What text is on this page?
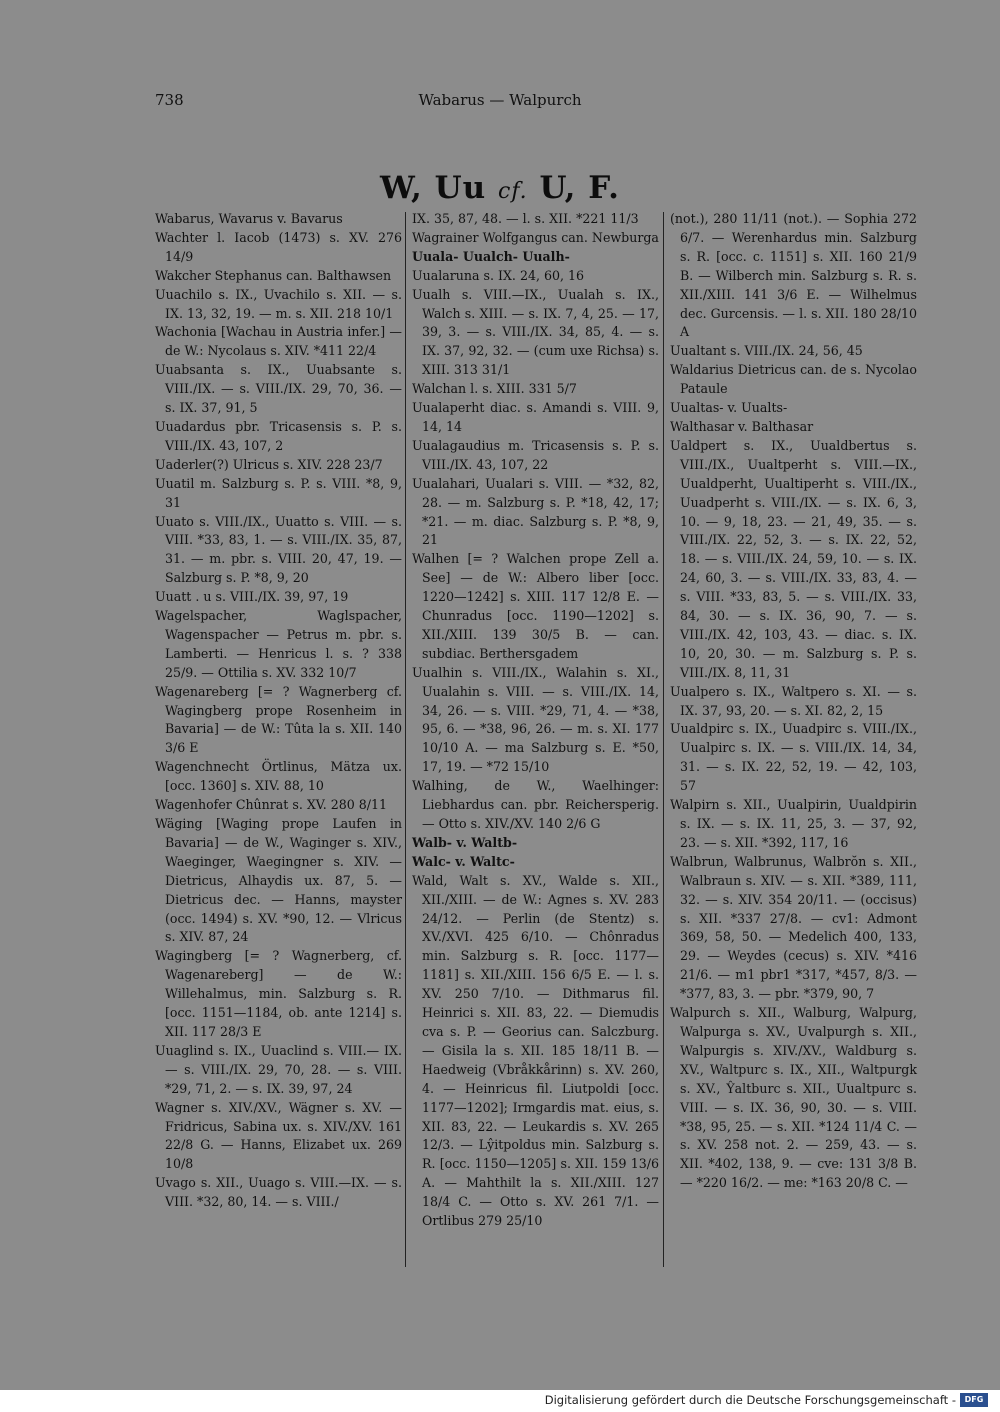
738	Wabarus — Walpurch
W, Uu cf. U, F.

Wabarus, Wavarus v. Bavarus

Wachter l. Iacob (1473) s. XV. 276 14/9

Wakcher Stephanus can. Balthawsen

Uuachilo s. IX., Uvachilo s. XII. — s. IX. 13, 32, 19. — m. s. XII. 218 10/1

Wachonia [Wachau in Austria infer.] — de W.: Nycolaus s. XIV. *411 22/4

Uuabsanta s. IX., Uuabsante s. VIII./IX. — s. VIII./IX. 29, 70, 36. — s. IX. 37, 91, 5

Uuadardus pbr. Tricasensis s. P. s. VIII./IX. 43, 107, 2

Uaderler(?) Ulricus s. XIV. 228 23/7

Uuatil m. Salzburg s. P. s. VIII. *8, 9, 31

Uuato s. VIII./IX., Uuatto s. VIII. — s. VIII. *33, 83, 1. — s. VIII./IX. 35, 87, 31. — m. pbr. s. VIII. 20, 47, 19. — Salzburg s. P. *8, 9, 20

Uuatt . u s. VIII./IX. 39, 97, 19

Wagelspacher, Waglspacher, Wagenspacher — Petrus m. pbr. s. Lamberti. — Henricus l. s. ? 338 25/9. — Ottilia s. XV. 332 10/7

Wagenareberg [= ? Wagnerberg cf. Wagingberg prope Rosenheim in Bavaria] — de W.: Tûta la s. XII. 140 3/6 E

Wagenchnecht Örtlinus, Mätza ux. [occ. 1360] s. XIV. 88, 10

Wagenhofer Chûnrat s. XV. 280 8/11

Wäging [Waging prope Laufen in Bavaria] — de W., Waginger s. XIV., Waeginger, Waegingner s. XIV. — Dietricus, Alhaydis ux. 87, 5. — Dietricus dec. — Hanns, mayster (occ. 1494) s. XV. *90, 12. — Vlricus s. XIV. 87, 24

Wagingberg [= ? Wagnerberg, cf. Wagenareberg] — de W.: Willehalmus, min. Salzburg s. R. [occ. 1151—1184, ob. ante 1214] s. XII. 117 28/3 E

Uuaglind s. IX., Uuaclind s. VIII.— IX. — s. VIII./IX. 29, 70, 28. — s. VIII. *29, 71, 2. — s. IX. 39, 97, 24

Wagner s. XIV./XV., Wägner s. XV. — Fridricus, Sabina ux. s. XIV./XV. 161 22/8 G. — Hanns, Elizabet ux. 269 10/8

Uvago s. XII., Uuago s. VIII.—IX. — s. VIII. *32, 80, 14. — s. VIII./

IX. 35, 87, 48. — l. s. XII. *221 11/3

Wagrainer Wolfgangus can. Newburga

Uuala- Uualch- Uualh-

Uualaruna s. IX. 24, 60, 16

Uualh s. VIII.—IX., Uualah s. IX., Walch s. XIII. — s. IX. 7, 4, 25. — 17, 39, 3. — s. VIII./IX. 34, 85, 4. — s. IX. 37, 92, 32. — (cum uxe Richsa) s. XIII. 313 31/1

Walchan l. s. XIII. 331 5/7

Uualaperht diac. s. Amandi s. VIII. 9, 14, 14

Uualagaudius m. Tricasensis s. P. s. VIII./IX. 43, 107, 22

Uualahari, Uualari s. VIII. — *32, 82, 28. — m. Salzburg s. P. *18, 42, 17; *21. — m. diac. Salzburg s. P. *8, 9, 21

Walhen [= ? Walchen prope Zell a. See] — de W.: Albero liber [occ. 1220—1242] s. XIII. 117 12/8 E. — Chunradus [occ. 1190—1202] s. XII./XIII. 139 30/5 B. — can. subdiac. Berthersgadem

Uualhin s. VIII./IX., Walahin s. XI., Uualahin s. VIII. — s. VIII./IX. 14, 34, 26. — s. VIII. *29, 71, 4. — *38, 95, 6. — *38, 96, 26. — m. s. XI. 177 10/10 A. — ma Salzburg s. E. *50, 17, 19. — *72 15/10

Walhing, de W., Waelhinger: Liebhardus can. pbr. Reichersperig. — Otto s. XIV./XV. 140 2/6 G

Walb- v. Waltb-

Walc- v. Waltc-

Wald, Walt s. XV., Walde s. XII., XII./XIII. — de W.: Agnes s. XV. 283 24/12. — Perlin (de Stentz) s. XV./XVI. 425 6/10. — Chônradus min. Salzburg s. R. [occ. 1177—1181] s. XII./XIII. 156 6/5 E. — l. s. XV. 250 7/10. — Dithmarus fil. Heinrici s. XII. 83, 22. — Diemudis cva s. P. — Georius can. Salczburg. — Gisila la s. XII. 185 18/11 B. — Haedweig (Vbråkkårinn) s. XV. 260, 4. — Heinricus fil. Liutpoldi [occ. 1177—1202]; Irmgardis mat. eius, s. XII. 83, 22. — Leukardis s. XV. 265 12/3. — Lŷitpoldus min. Salzburg s. R. [occ. 1150—1205] s. XII. 159 13/6 A. — Mahthilt la s. XII./XIII. 127 18/4 C. — Otto s. XV. 261 7/1. — Ortlibus 279 25/10

(not.), 280 11/11 (not.). — Sophia 272 6/7. — Werenhardus min. Salzburg s. R. [occ. c. 1151] s. XII. 160 21/9 B. — Wilberch min. Salzburg s. R. s. XII./XIII. 141 3/6 E. — Wilhelmus dec. Gurcensis. — l. s. XII. 180 28/10 A

Uualtant s. VIII./IX. 24, 56, 45

Waldarius Dietricus can. de s. Nycolao Pataule

Uualtas- v. Uualts-

Walthasar v. Balthasar

Ualdpert s. IX., Uualdbertus s. VIII./IX., Uualtperht s. VIII.—IX., Uualdperht, Uualtiperht s. VIII./IX., Uuadperht s. VIII./IX. — s. IX. 6, 3, 10. — 9, 18, 23. — 21, 49, 35. — s. VIII./IX. 22, 52, 3. — s. IX. 22, 52, 18. — s. VIII./IX. 24, 59, 10. — s. IX. 24, 60, 3. — s. VIII./IX. 33, 83, 4. — s. VIII. *33, 83, 5. — s. VIII./IX. 33, 84, 30. — s. IX. 36, 90, 7. — s. VIII./IX. 42, 103, 43. — diac. s. IX. 10, 20, 30. — m. Salzburg s. P. s. VIII./IX. 8, 11, 31

Uualpero s. IX., Waltpero s. XI. — s. IX. 37, 93, 20. — s. XI. 82, 2, 15

Uualdpirc s. IX., Uuadpirc s. VIII./IX., Uualpirc s. IX. — s. VIII./IX. 14, 34, 31. — s. IX. 22, 52, 19. — 42, 103, 57

Walpirn s. XII., Uualpirin, Uualdpirin s. IX. — s. IX. 11, 25, 3. — 37, 92, 23. — s. XII. *392, 117, 16

Walbrun, Walbrunus, Walbrŏn s. XII., Walbraun s. XIV. — s. XII. *389, 111, 32. — s. XIV. 354 20/11. — (occisus) s. XII. *337 27/8. — cv1: Admont 369, 58, 50. — Medelich 400, 133, 29. — Weydes (cecus) s. XIV. *416 21/6. — m1 pbr1 *317, *457, 8/3. — *377, 83, 3. — pbr. *379, 90, 7

Walpurch s. XII., Walburg, Walpurg, Walpurga s. XV., Uvalpurgh s. XII., Walpurgis s. XIV./XV., Waldburg s. XV., Waltpurc s. IX., XII., Waltpurgk s. XV., Ŷaltburc s. XII., Uualtpurc s. VIII. — s. IX. 36, 90, 30. — s. VIII. *38, 95, 25. — s. XII. *124 11/4 C. — s. XV. 258 not. 2. — 259, 43. — s. XII. *402, 138, 9. — cve: 131 3/8 B. — *220 16/2. — me: *163 20/8 C. —

Digitalisierung gefördert durch die Deutsche Forschungsgemeinschaft -	DFG
